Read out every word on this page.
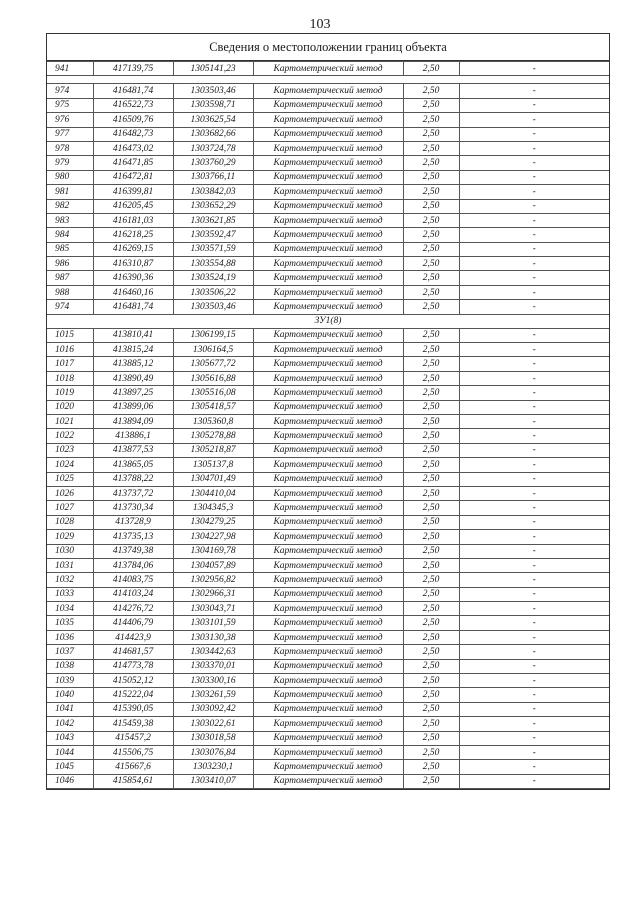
103
Сведения о местоположении границ объекта
941	417139,75	1305141,23	Картометрический метод	2,50	-

974	416481,74	1303503,46	Картометрический метод	2,50	-
975	416522,73	1303598,71	Картометрический метод	2,50	-
976	416509,76	1303625,54	Картометрический метод	2,50	-
977	416482,73	1303682,66	Картометрический метод	2,50	-
978	416473,02	1303724,78	Картометрический метод	2,50	-
979	416471,85	1303760,29	Картометрический метод	2,50	-
980	416472,81	1303766,11	Картометрический метод	2,50	-
981	416399,81	1303842,03	Картометрический метод	2,50	-
982	416205,45	1303652,29	Картометрический метод	2,50	-
983	416181,03	1303621,85	Картометрический метод	2,50	-
984	416218,25	1303592,47	Картометрический метод	2,50	-
985	416269,15	1303571,59	Картометрический метод	2,50	-
986	416310,87	1303554,88	Картометрический метод	2,50	-
987	416390,36	1303524,19	Картометрический метод	2,50	-
988	416460,16	1303506,22	Картометрический метод	2,50	-
974	416481,74	1303503,46	Картометрический метод	2,50	-
ЗУ1(8)					
1015	413810,41	1306199,15	Картометрический метод	2,50	-
1016	413815,24	1306164,5	Картометрический метод	2,50	-
1017	413885,12	1305677,72	Картометрический метод	2,50	-
1018	413890,49	1305616,88	Картометрический метод	2,50	-
1019	413897,25	1305516,08	Картометрический метод	2,50	-
1020	413899,06	1305418,57	Картометрический метод	2,50	-
1021	413894,09	1305360,8	Картометрический метод	2,50	-
1022	413886,1	1305278,88	Картометрический метод	2,50	-
1023	413877,53	1305218,87	Картометрический метод	2,50	-
1024	413865,05	1305137,8	Картометрический метод	2,50	-
1025	413788,22	1304701,49	Картометрический метод	2,50	-
1026	413737,72	1304410,04	Картометрический метод	2,50	-
1027	413730,34	1304345,3	Картометрический метод	2,50	-
1028	413728,9	1304279,25	Картометрический метод	2,50	-
1029	413735,13	1304227,98	Картометрический метод	2,50	-
1030	413749,38	1304169,78	Картометрический метод	2,50	-
1031	413784,06	1304057,89	Картометрический метод	2,50	-
1032	414083,75	1302956,82	Картометрический метод	2,50	-
1033	414103,24	1302966,31	Картометрический метод	2,50	-
1034	414276,72	1303043,71	Картометрический метод	2,50	-
1035	414406,79	1303101,59	Картометрический метод	2,50	-
1036	414423,9	1303130,38	Картометрический метод	2,50	-
1037	414681,57	1303442,63	Картометрический метод	2,50	-
1038	414773,78	1303370,01	Картометрический метод	2,50	-
1039	415052,12	1303300,16	Картометрический метод	2,50	-
1040	415222,04	1303261,59	Картометрический метод	2,50	-
1041	415390,05	1303092,42	Картометрический метод	2,50	-
1042	415459,38	1303022,61	Картометрический метод	2,50	-
1043	415457,2	1303018,58	Картометрический метод	2,50	-
1044	415506,75	1303076,84	Картометрический метод	2,50	-
1045	415667,6	1303230,1	Картометрический метод	2,50	-
1046	415854,61	1303410,07	Картометрический метод	2,50	-
